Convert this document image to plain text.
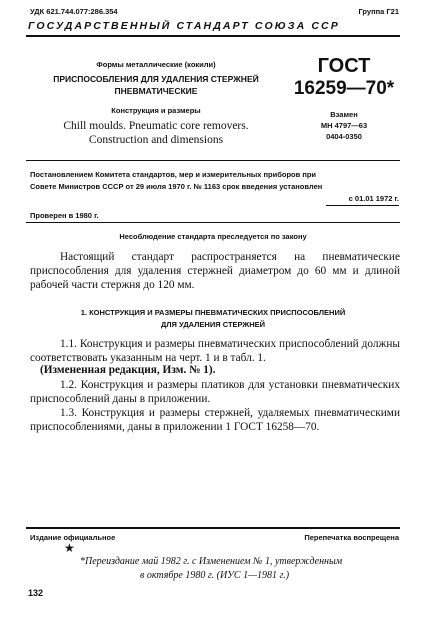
УДК 621.744.077:286.354	Группа Г21
ГОСУДАРСТВЕННЫЙ СТАНДАРТ СОЮЗА ССР
Формы металлические (кокили)
ПРИСПОСОБЛЕНИЯ ДЛЯ УДАЛЕНИЯ СТЕРЖНЕЙ
ПНЕВМАТИЧЕСКИЕ
Конструкция и размеры
Chill moulds. Pneumatic core removers.
Construction and dimensions
ГОСТ
16259—70*
Взамен
МН 4797—63
0404-0350
Постановлением Комитета стандартов, мер и измерительных приборов при
Совете Министров СССР от 29 июля 1970 г. № 1163 срок введения установлен
с 01.01 1972 г.
Проверен в 1980 г.
Несоблюдение стандарта преследуется по закону
Настоящий стандарт распространяется на пневматические приспособления для удаления стержней диаметром до 60 мм и длиной рабочей части стержня до 120 мм.
1. КОНСТРУКЦИЯ И РАЗМЕРЫ ПНЕВМАТИЧЕСКИХ ПРИСПОСОБЛЕНИЙ
ДЛЯ УДАЛЕНИЯ СТЕРЖНЕЙ
1.1. Конструкция и размеры пневматических приспособлений должны соответствовать указанным на черт. 1 и в табл. 1.
(Измененная редакция, Изм. № 1).
1.2. Конструкция и размеры платиков для установки пневматических приспособлений даны в приложении.
1.3. Конструкция и размеры стержней, удаляемых пневматическими приспособлениями, даны в приложении 1 ГОСТ 16258—70.
Издание официальное	Перепечатка воспрещена
★
*Переиздание май 1982 г. с Изменением № 1, утвержденным
в октябре 1980 г. (ИУС 1—1981 г.)
132
